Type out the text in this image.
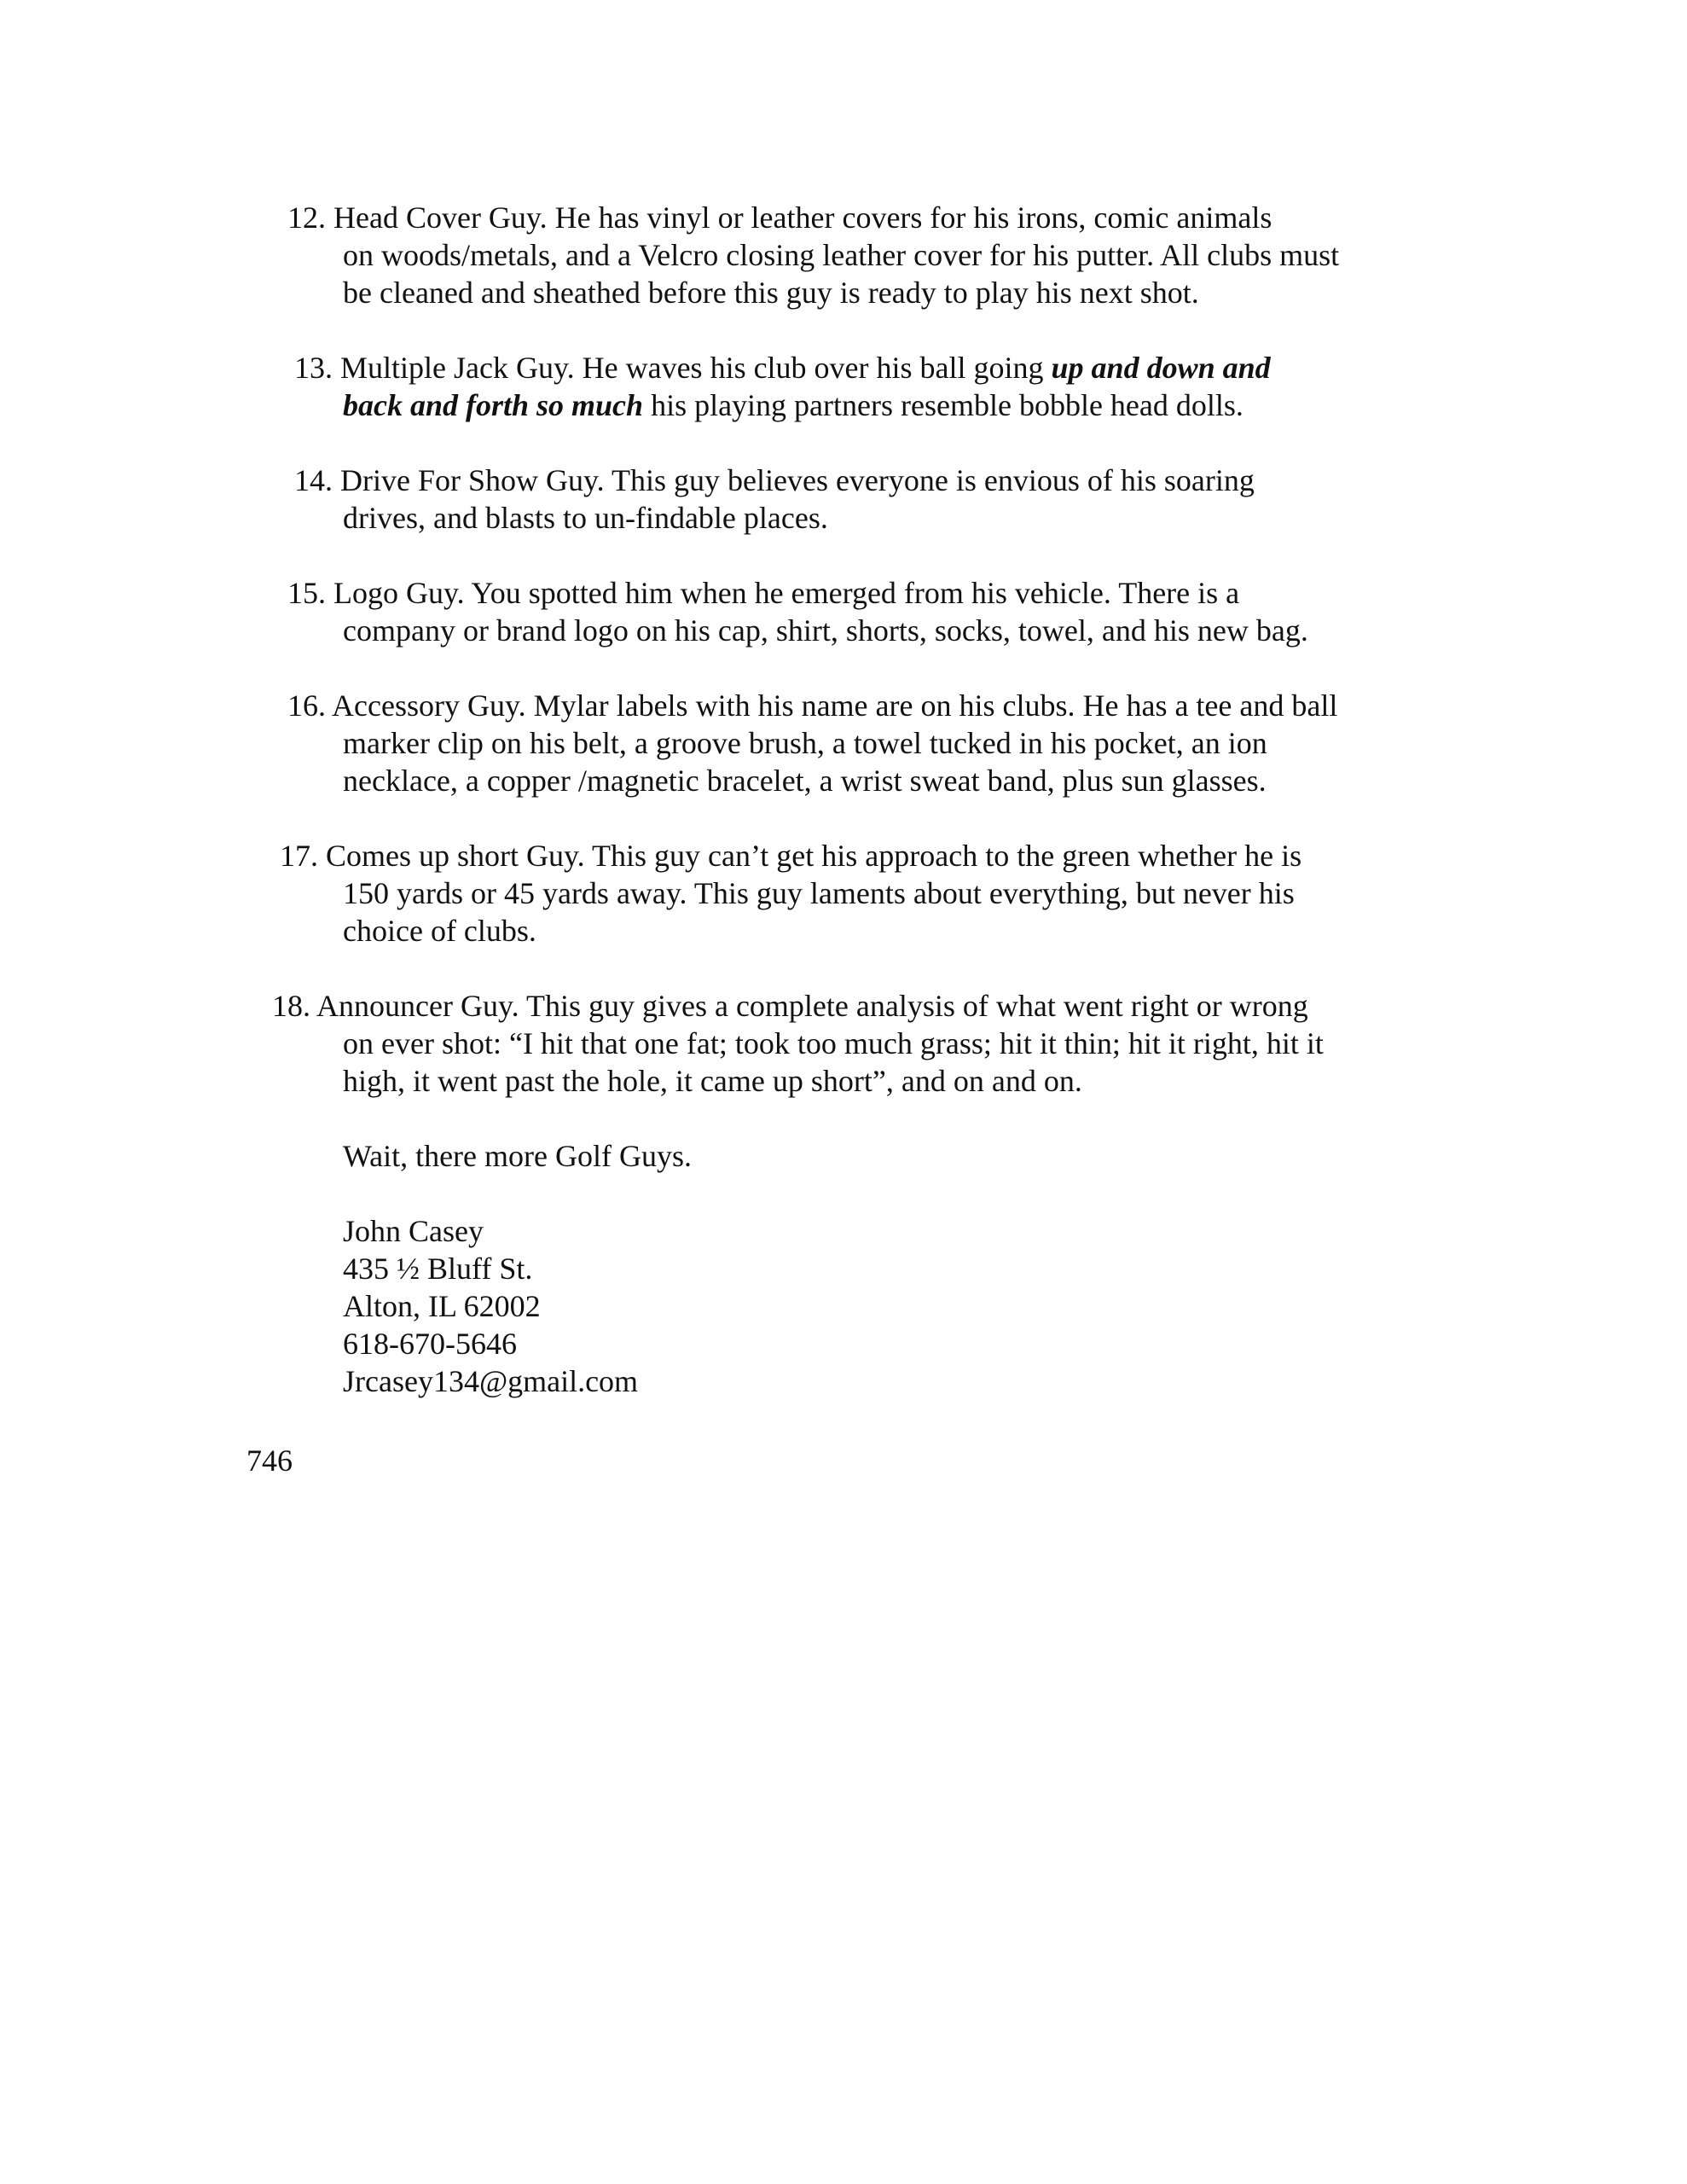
12. Head Cover Guy. He has vinyl or leather covers for his irons, comic animals
on woods/metals, and a Velcro closing leather cover for his putter. All clubs must
be cleaned and sheathed before this guy is ready to play his next shot.
13. Multiple Jack Guy. He waves his club over his ball going up and down and
back and forth so much his playing partners resemble bobble head dolls.
14. Drive For Show Guy. This guy believes everyone is envious of his soaring
drives, and blasts to un-findable places.
15. Logo Guy. You spotted him when he emerged from his vehicle. There is a
company or brand logo on his cap, shirt, shorts, socks, towel, and his new bag.
16. Accessory Guy. Mylar labels with his name are on his clubs. He has a tee and ball
marker clip on his belt, a groove brush, a towel tucked in his pocket, an ion
necklace, a copper /magnetic bracelet, a wrist sweat band, plus sun glasses.
17. Comes up short Guy. This guy can’t get his approach to the green whether he is
150 yards or 45 yards away. This guy laments about everything, but never his
choice of clubs.
18. Announcer Guy. This guy gives a complete analysis of what went right or wrong
on ever shot: “I hit that one fat; took too much grass; hit it thin; hit it right, hit it
high, it went past the hole, it came up short”, and on and on.
Wait, there more Golf Guys.
John Casey
435 ½ Bluff St.
Alton, IL 62002
618-670-5646
Jrcasey134@gmail.com
746
